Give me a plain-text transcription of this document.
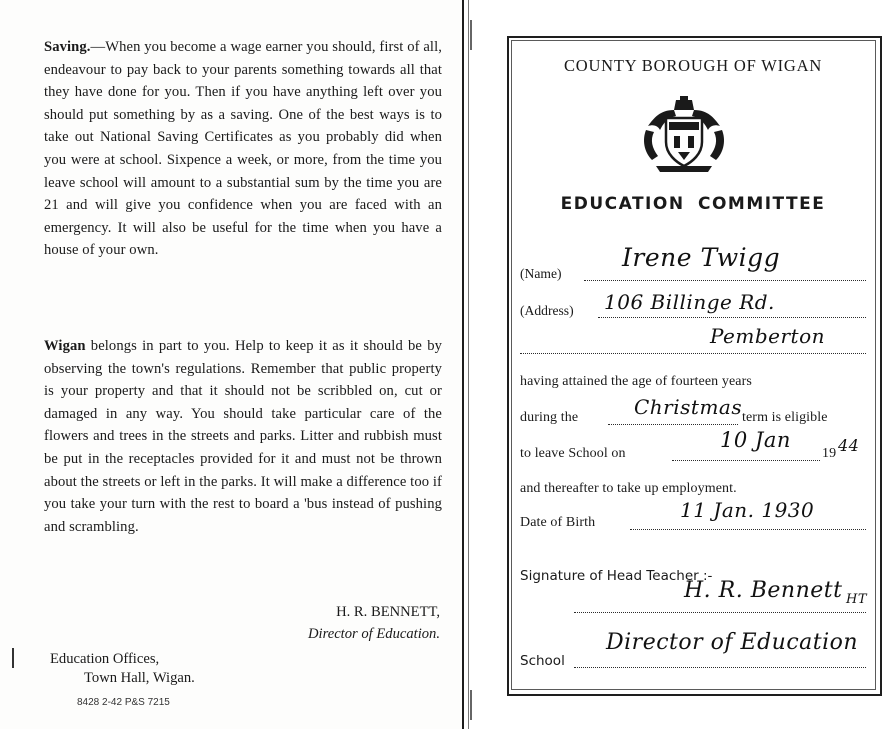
Saving.—When you become a wage earner you should, first of all, endeavour to pay back to your parents something towards all that they have done for you. Then if you have anything left over you should put something by as a saving. One of the best ways is to take out National Saving Certificates as you probably did when you were at school. Sixpence a week, or more, from the time you leave school will amount to a substantial sum by the time you are 21 and will give you confidence when you are faced with an emergency. It will also be useful for the time when you have a house of your own.

Wigan belongs in part to you. Help to keep it as it should be by observing the town's regulations. Remember that public property is your property and that it should not be scribbled on, cut or damaged in any way. You should take particular care of the flowers and trees in the streets and parks. Litter and rubbish must be put in the receptacles provided for it and must not be thrown about the streets or left in the parks. It will make a difference too if you take your turn with the rest to board a 'bus instead of pushing and scrambling.

H. R. BENNETT,
Director of Education.
Education Offices,
Town Hall, Wigan.
8428 2-42 P&S 7215
COUNTY BOROUGH OF WIGAN
EDUCATION COMMITTEE
(Name)
Irene Twigg
(Address) 106 Billinge Rd.
Pemberton
having attained the age of fourteen years
during the	Christmas term is eligible
to leave School on
10 Jan
19 44
and thereafter to take up employment.
Date of Birth
11 Jan. 1930
Signature of Head Teacher :-
H. R. Bennett HT
School
Director of Education
